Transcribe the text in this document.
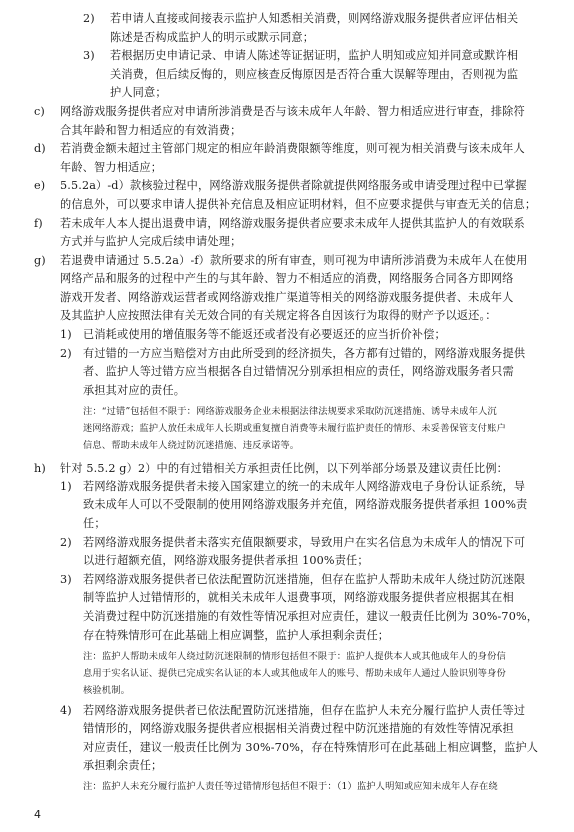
2) 若申请人直接或间接表示监护人知悉相关消费，则网络游戏服务提供者应评估相关
陈述是否构成监护人的明示或默示同意；
3) 若根据历史申请记录、申请人陈述等证据证明，监护人明知或应知并同意或默许相
关消费，但后续反悔的，则应核查反悔原因是否符合重大误解等理由，否则视为监
护人同意；
c) 网络游戏服务提供者应对申请所涉消费是否与该未成年人年龄、智力相适应进行审查，排除符
合其年龄和智力相适应的有效消费；
d) 若消费金额未超过主管部门规定的相应年龄消费限额等维度，则可视为相关消费与该未成年人
年龄、智力相适应；
e) 5.5.2a）-d）款核验过程中，网络游戏服务提供者除就提供网络服务或申请受理过程中已掌握
的信息外，可以要求申请人提供补充信息及相应证明材料，但不应要求提供与审查无关的信息；
f) 若未成年人本人提出退费申请，网络游戏服务提供者应要求未成年人提供其监护人的有效联系
方式并与监护人完成后续申请处理；
g) 若退费申请通过 5.5.2a）-f）款所要求的所有审查，则可视为申请所涉消费为未成年人在使用
网络产品和服务的过程中产生的与其年龄、智力不相适应的消费，网络服务合同各方即网络
游戏开发者、网络游戏运营者或网络游戏推广渠道等相关的网络游戏服务提供者、未成年人
及其监护人应按照法律有关无效合同的有关规定将各自因该行为取得的财产予以返还。：
1) 已消耗或使用的增值服务等不能返还或者没有必要返还的应当折价补偿；
2) 有过错的一方应当赔偿对方由此所受到的经济损失，各方都有过错的，网络游戏服务提供
者、监护人等过错方应当根据各自过错情况分别承担相应的责任，网络游戏服务者只需
承担其对应的责任。
注：“过错”包括但不限于：网络游戏服务企业未根据法律法规要求采取防沉迷措施、诱导未成年人沉
迷网络游戏；监护人放任未成年人长期或重复擅自消费等未履行监护责任的情形、未妥善保管支付账户
信息、帮助未成年人绕过防沉迷措施、违反承诺等。
h) 针对 5.5.2 g）2）中的有过错相关方承担责任比例，以下列举部分场景及建议责任比例：
1) 若网络游戏服务提供者未接入国家建立的统一的未成年人网络游戏电子身份认证系统，导
致未成年人可以不受限制的使用网络游戏服务并充值，网络游戏服务提供者承担 100%责
任；
2) 若网络游戏服务提供者未落实充值限额要求，导致用户在实名信息为未成年人的情况下可
以进行超额充值，网络游戏服务提供者承担 100%责任；
3) 若网络游戏服务提供者已依法配置防沉迷措施，但存在监护人帮助未成年人绕过防沉迷限
制等监护人过错情形的，就相关未成年人退费事项，网络游戏服务提供者应根据其在相
关消费过程中防沉迷措施的有效性等情况承担对应责任，建议一般责任比例为 30%-70%，
存在特殊情形可在此基础上相应调整，监护人承担剩余责任；
注：监护人帮助未成年人绕过防沉迷限制的情形包括但不限于：监护人提供本人或其他成年人的身份信
息用于实名认证、提供已完成实名认证的本人或其他成年人的账号、帮助未成年人通过人脸识别等身份
核验机制。
4) 若网络游戏服务提供者已依法配置防沉迷措施，但存在监护人未充分履行监护人责任等过
错情形的，网络游戏服务提供者应根据相关消费过程中防沉迷措施的有效性等情况承担
对应责任，建议一般责任比例为 30%-70%，存在特殊情形可在此基础上相应调整，监护人
承担剩余责任；
注：监护人未充分履行监护人责任等过错情形包括但不限于：（1）监护人明知或应知未成年人存在绕
4
